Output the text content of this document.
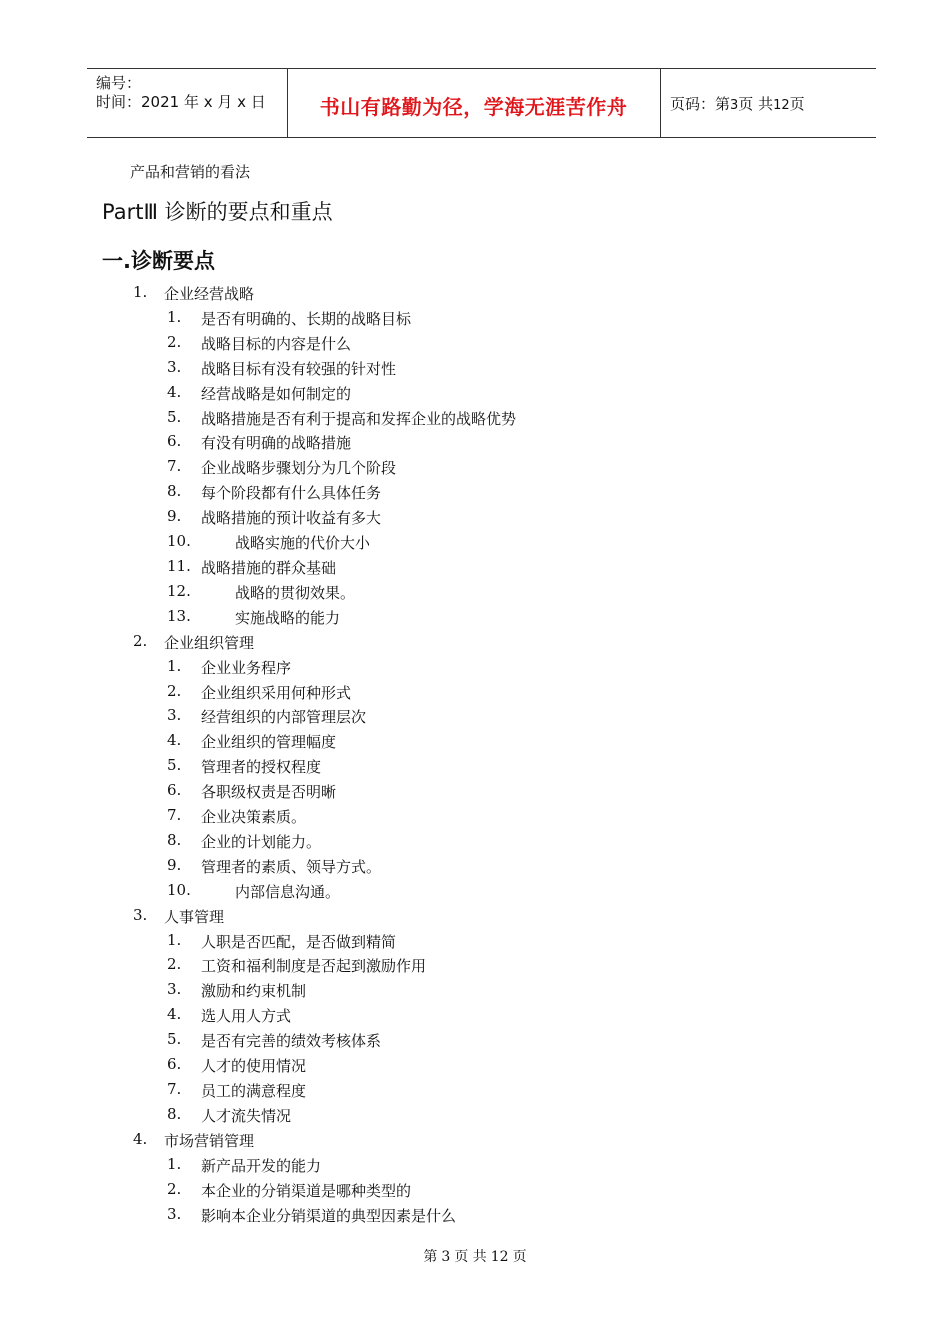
编号：
时间：2021 年 x 月 x 日	书山有路勤为径，学海无涯苦作舟	页码：第3页 共12页
产品和营销的看法
PartⅢ 诊断的要点和重点
一.诊断要点
1. 企业经营战略
1. 是否有明确的、长期的战略目标
2. 战略目标的内容是什么
3. 战略目标有没有较强的针对性
4. 经营战略是如何制定的
5. 战略措施是否有利于提高和发挥企业的战略优势
6. 有没有明确的战略措施
7. 企业战略步骤划分为几个阶段
8. 每个阶段都有什么具体任务
9. 战略措施的预计收益有多大
10.	战略实施的代价大小
11. 战略措施的群众基础
12.	战略的贯彻效果。
13.	实施战略的能力
2. 企业组织管理
1. 企业业务程序
2. 企业组织采用何种形式
3. 经营组织的内部管理层次
4. 企业组织的管理幅度
5. 管理者的授权程度
6. 各职级权责是否明晰
7. 企业决策素质。
8. 企业的计划能力。
9. 管理者的素质、领导方式。
10.	内部信息沟通。
3. 人事管理
1. 人职是否匹配，是否做到精简
2. 工资和福利制度是否起到激励作用
3. 激励和约束机制
4. 选人用人方式
5. 是否有完善的绩效考核体系
6. 人才的使用情况
7. 员工的满意程度
8. 人才流失情况
4. 市场营销管理
1. 新产品开发的能力
2. 本企业的分销渠道是哪种类型的
3. 影响本企业分销渠道的典型因素是什么
第 3 页 共 12 页
